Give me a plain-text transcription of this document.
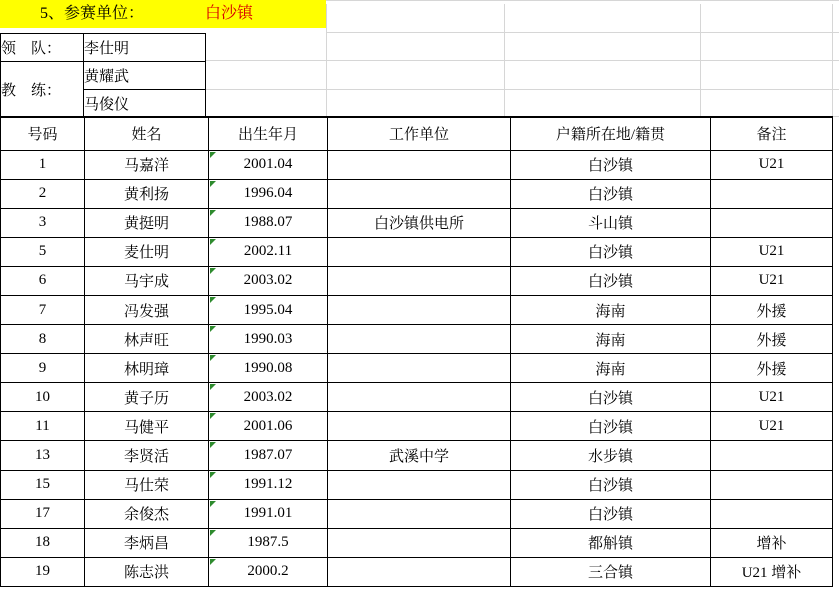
5、参赛单位：	白沙镇
领　队：	李仕明
教　练：	黄耀武
	马俊仪
号码	姓名	出生年月	工作单位	户籍所在地/籍贯	备注
1	马嘉洋	2001.04		白沙镇	U21
2	黄利扬	1996.04		白沙镇	
3	黄挺明	1988.07	白沙镇供电所	斗山镇	
5	麦仕明	2002.11		白沙镇	U21
6	马宇成	2003.02		白沙镇	U21
7	冯发强	1995.04		海南	外援
8	林声旺	1990.03		海南	外援
9	林明璋	1990.08		海南	外援
10	黄子历	2003.02		白沙镇	U21
11	马健平	2001.06		白沙镇	U21
13	李贤活	1987.07	武溪中学	水步镇	
15	马仕荣	1991.12		白沙镇	
17	余俊杰	1991.01		白沙镇	
18	李炳昌	1987.5		都斛镇	增补
19	陈志洪	2000.2		三合镇	U21 增补
